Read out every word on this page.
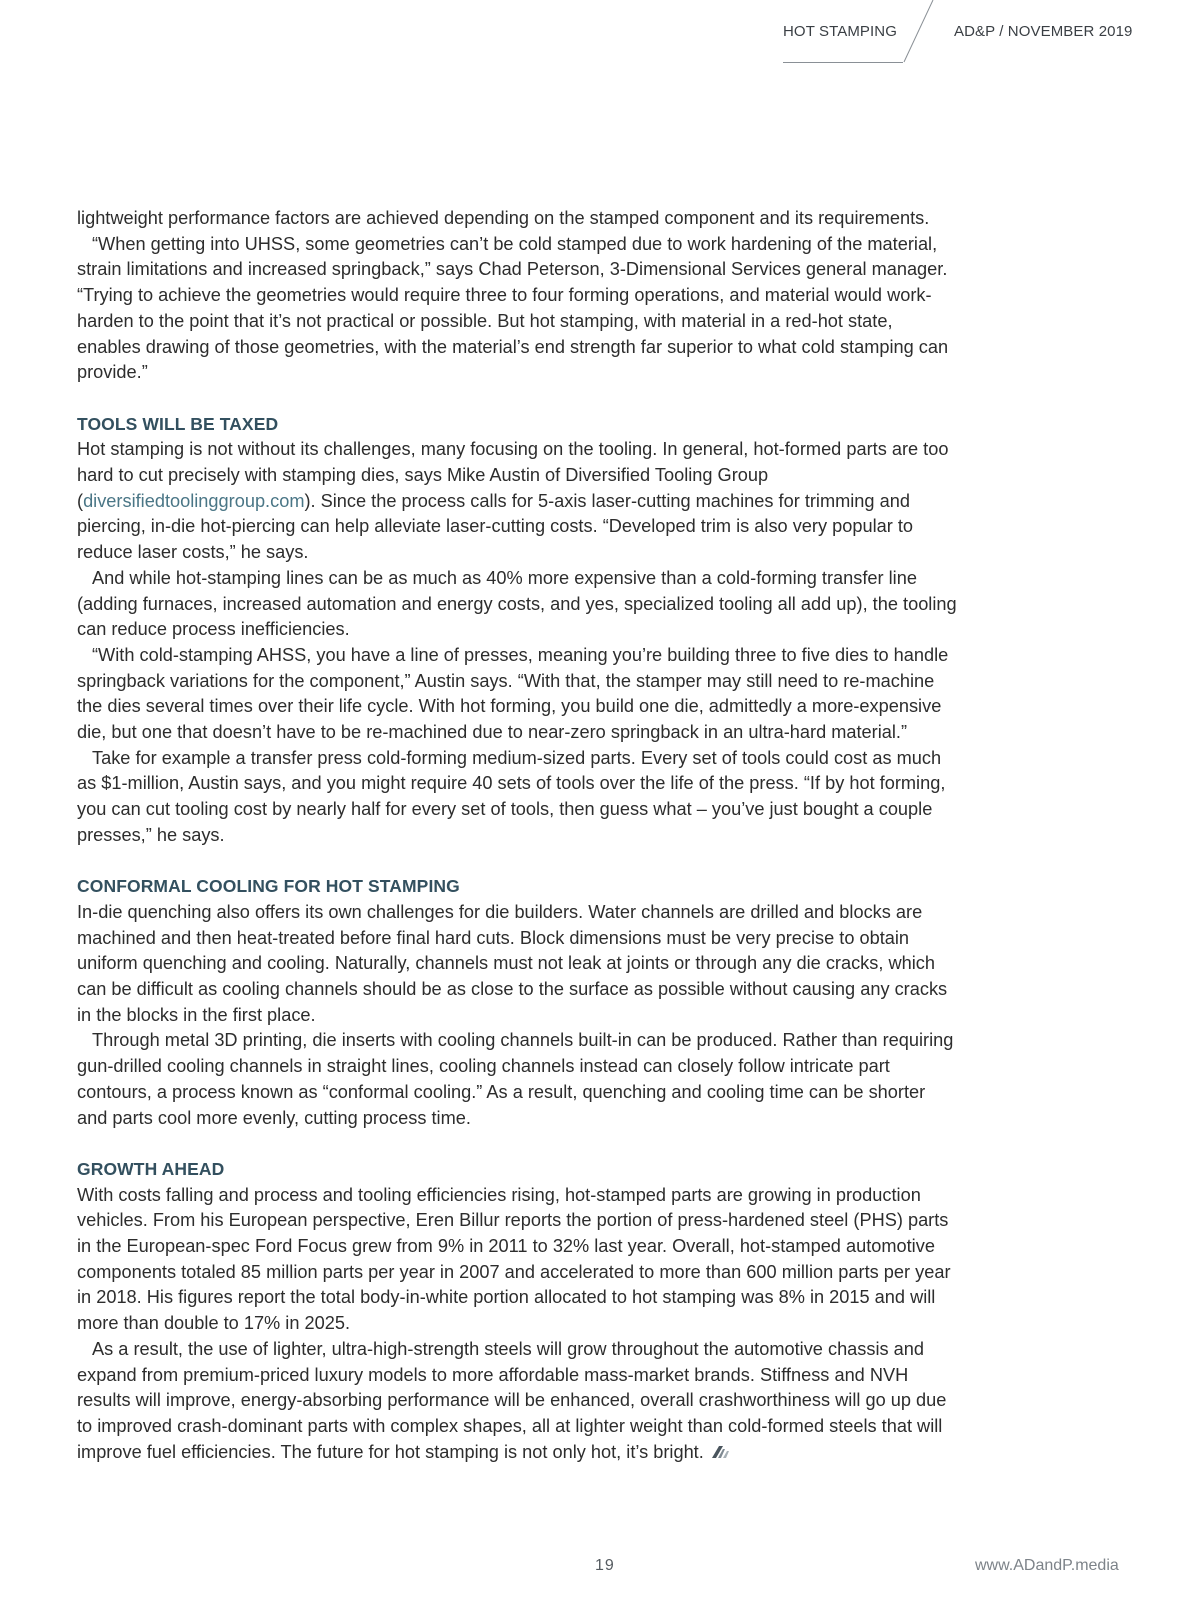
HOT STAMPING	AD&P / NOVEMBER 2019

lightweight performance factors are achieved depending on the stamped component and its requirements.

“When getting into UHSS, some geometries can’t be cold stamped due to work hardening of the material, strain limitations and increased springback,” says Chad Peterson, 3-Dimensional Services general manager. “Trying to achieve the geometries would require three to four forming operations, and material would work-harden to the point that it’s not practical or possible. But hot stamping, with material in a red-hot state, enables drawing of those geometries, with the material’s end strength far superior to what cold stamping can provide.”

TOOLS WILL BE TAXED

Hot stamping is not without its challenges, many focusing on the tooling. In general, hot-formed parts are too hard to cut precisely with stamping dies, says Mike Austin of Diversified Tooling Group (diversifiedtoolinggroup.com). Since the process calls for 5-axis laser-cutting machines for trimming and piercing, in-die hot-piercing can help alleviate laser-cutting costs. “Developed trim is also very popular to reduce laser costs,” he says.

And while hot-stamping lines can be as much as 40% more expensive than a cold-forming transfer line (adding furnaces, increased automation and energy costs, and yes, specialized tooling all add up), the tooling can reduce process inefficiencies.

“With cold-stamping AHSS, you have a line of presses, meaning you’re building three to five dies to handle springback variations for the component,” Austin says. “With that, the stamper may still need to re-machine the dies several times over their life cycle. With hot forming, you build one die, admittedly a more-expensive die, but one that doesn’t have to be re-machined due to near-zero springback in an ultra-hard material.”

Take for example a transfer press cold-forming medium-sized parts. Every set of tools could cost as much as $1-million, Austin says, and you might require 40 sets of tools over the life of the press. “If by hot forming, you can cut tooling cost by nearly half for every set of tools, then guess what – you’ve just bought a couple presses,” he says.

CONFORMAL COOLING FOR HOT STAMPING

In-die quenching also offers its own challenges for die builders. Water channels are drilled and blocks are machined and then heat-treated before final hard cuts. Block dimensions must be very precise to obtain uniform quenching and cooling. Naturally, channels must not leak at joints or through any die cracks, which can be difficult as cooling channels should be as close to the surface as possible without causing any cracks in the blocks in the first place.

Through metal 3D printing, die inserts with cooling channels built-in can be produced. Rather than requiring gun-drilled cooling channels in straight lines, cooling channels instead can closely follow intricate part contours, a process known as “conformal cooling.” As a result, quenching and cooling time can be shorter and parts cool more evenly, cutting process time.

GROWTH AHEAD

With costs falling and process and tooling efficiencies rising, hot-stamped parts are growing in production vehicles. From his European perspective, Eren Billur reports the portion of press-hardened steel (PHS) parts in the European-spec Ford Focus grew from 9% in 2011 to 32% last year. Overall, hot-stamped automotive components totaled 85 million parts per year in 2007 and accelerated to more than 600 million parts per year in 2018. His figures report the total body-in-white portion allocated to hot stamping was 8% in 2015 and will more than double to 17% in 2025.

As a result, the use of lighter, ultra-high-strength steels will grow throughout the automotive chassis and expand from premium-priced luxury models to more affordable mass-market brands. Stiffness and NVH results will improve, energy-absorbing performance will be enhanced, overall crashworthiness will go up due to improved crash-dominant parts with complex shapes, all at lighter weight than cold-formed steels that will improve fuel efficiencies. The future for hot stamping is not only hot, it’s bright.

19	www.ADandP.media
